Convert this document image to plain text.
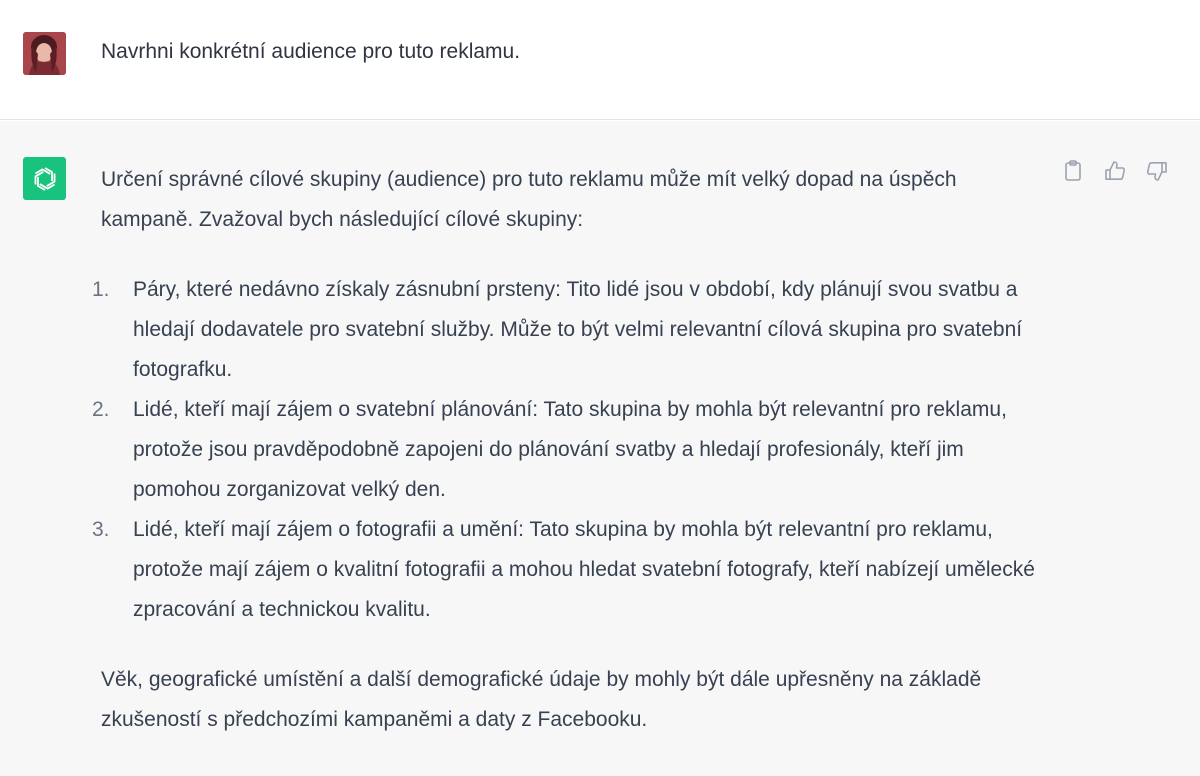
Navrhni konkrétní audience pro tuto reklamu.

Určení správné cílové skupiny (audience) pro tuto reklamu může mít velký dopad na úspěch kampaně. Zvažoval bych následující cílové skupiny:

1. Páry, které nedávno získaly zásnubní prsteny: Tito lidé jsou v období, kdy plánují svou svatbu a hledají dodavatele pro svatební služby. Může to být velmi relevantní cílová skupina pro svatební fotografku.
2. Lidé, kteří mají zájem o svatební plánování: Tato skupina by mohla být relevantní pro reklamu, protože jsou pravděpodobně zapojeni do plánování svatby a hledají profesionály, kteří jim pomohou zorganizovat velký den.
3. Lidé, kteří mají zájem o fotografii a umění: Tato skupina by mohla být relevantní pro reklamu, protože mají zájem o kvalitní fotografii a mohou hledat svatební fotografy, kteří nabízejí umělecké zpracování a technickou kvalitu.

Věk, geografické umístění a další demografické údaje by mohly být dále upřesněny na základě zkušeností s předchozími kampaněmi a daty z Facebooku.
